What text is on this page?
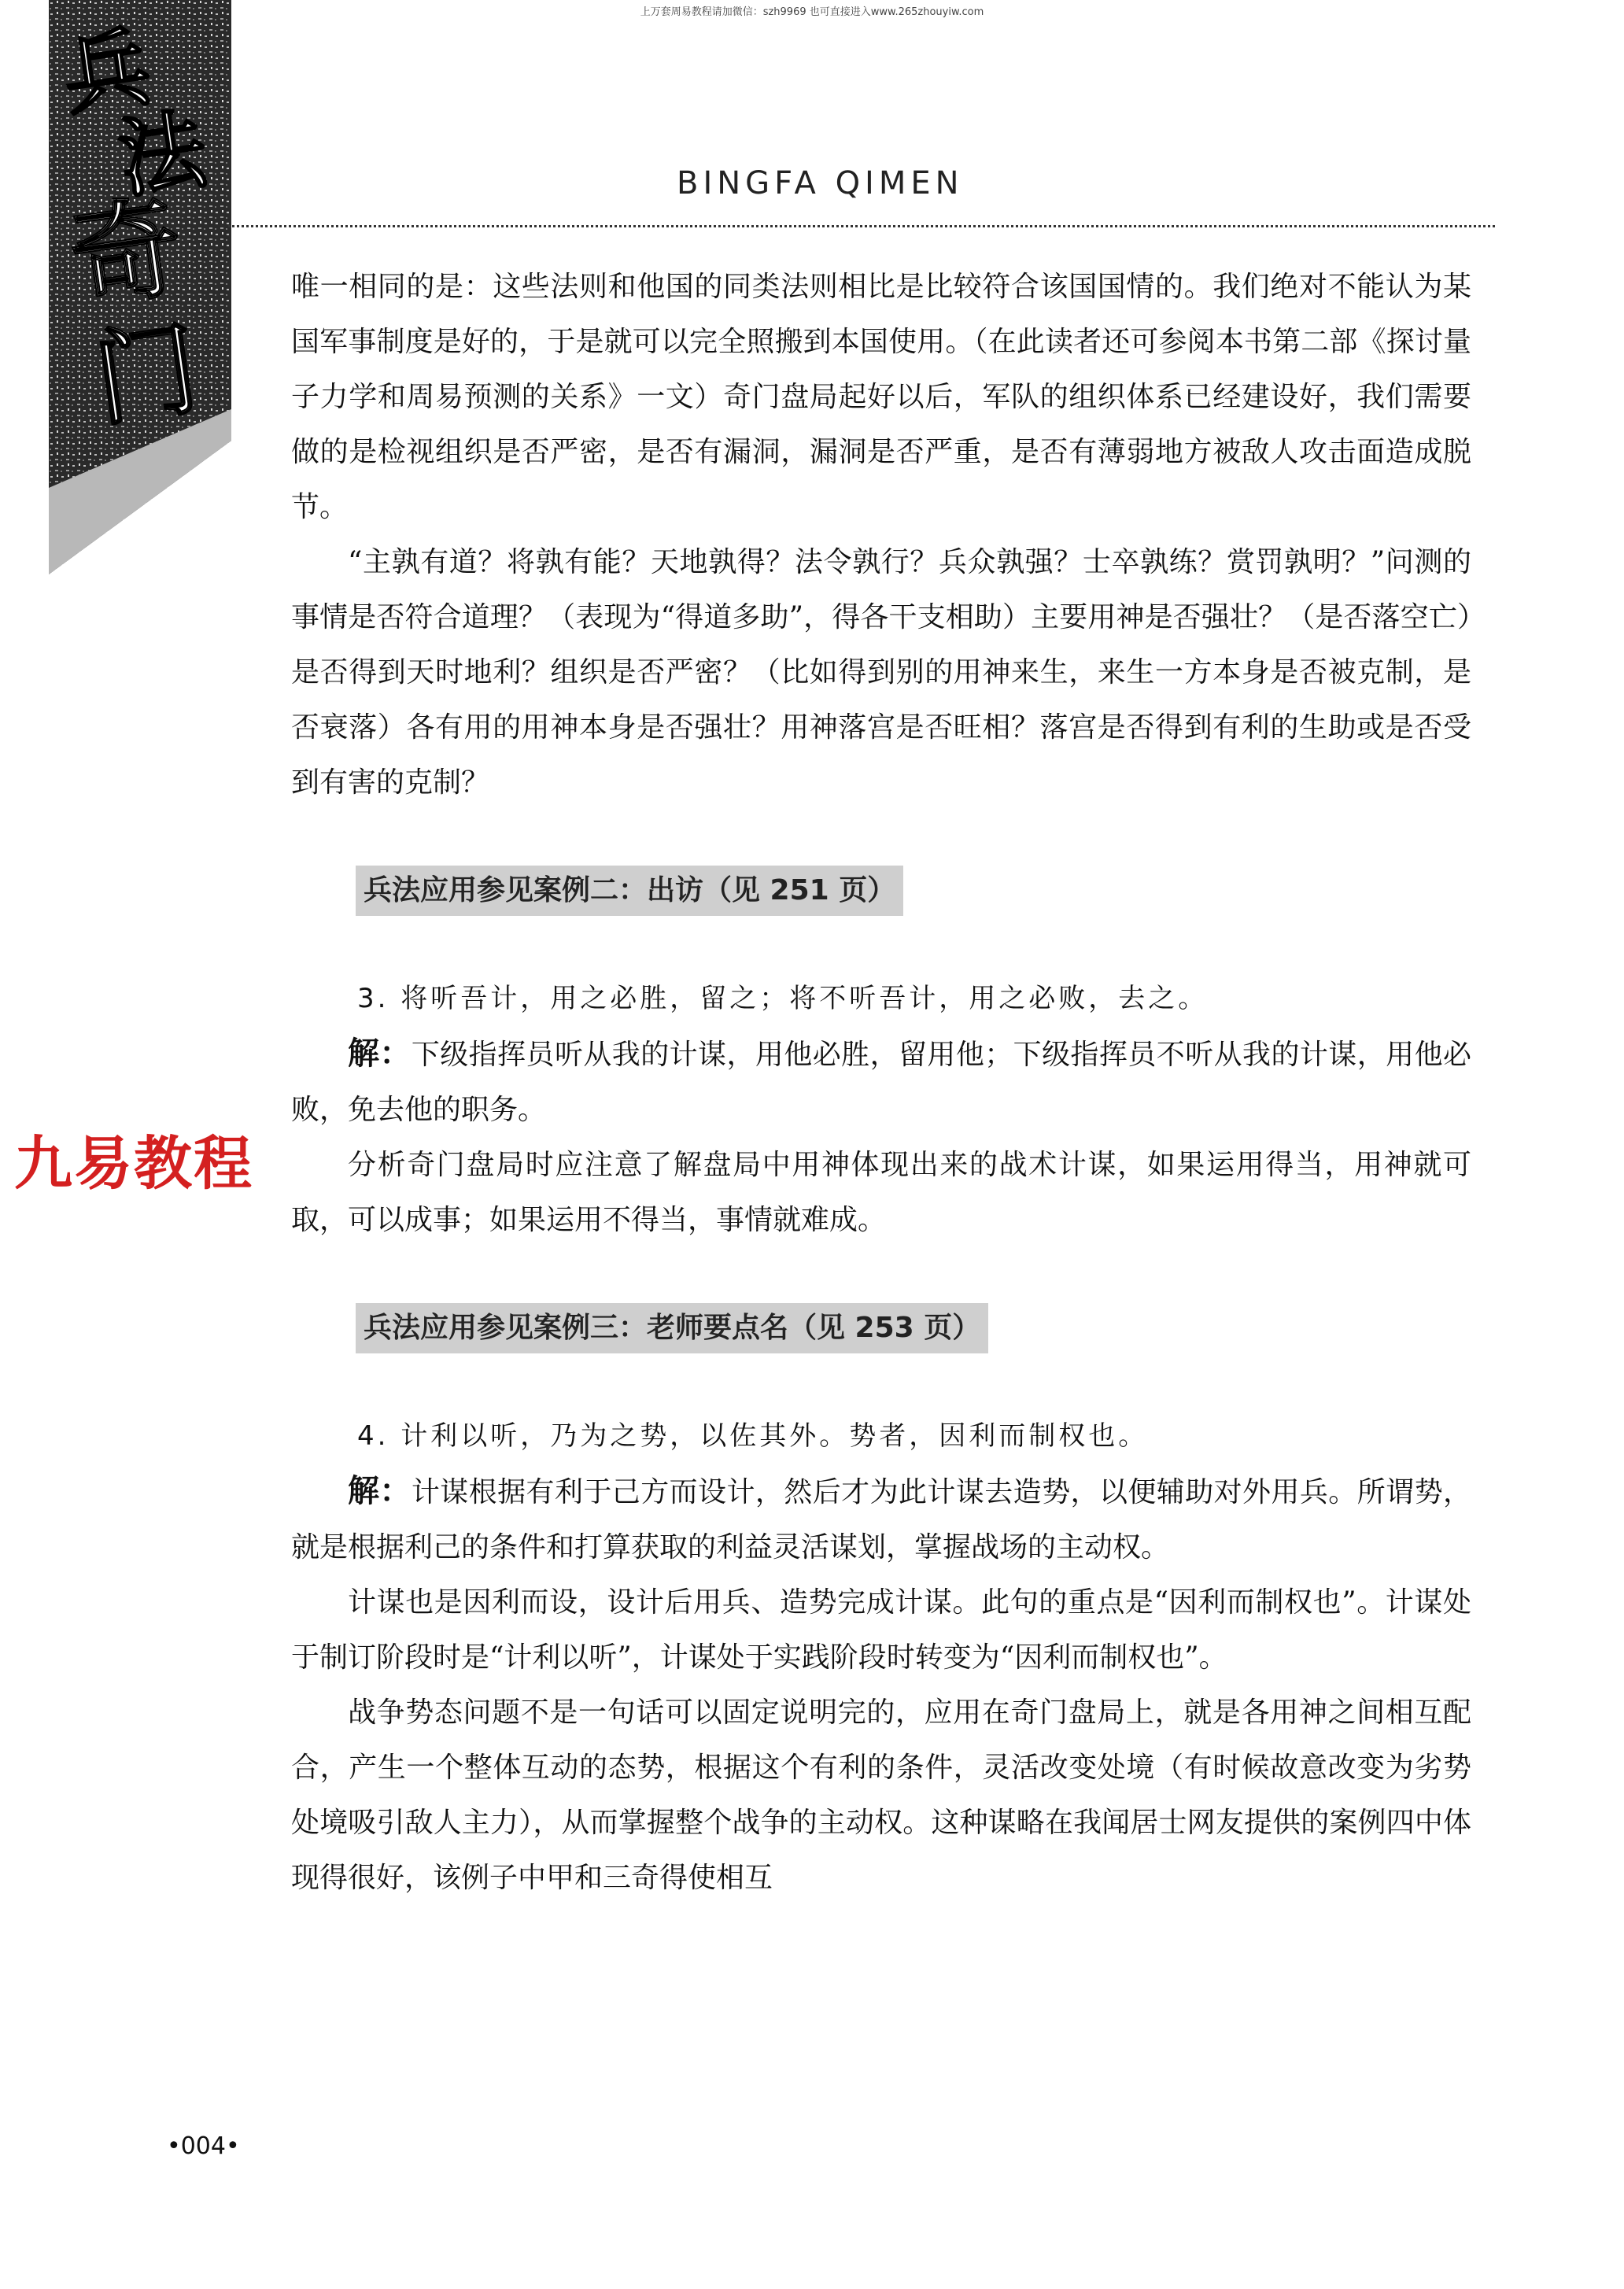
上万套周易教程请加微信：szh9969 也可直接进入www.265zhouyiw.com
兵
法
奇
门
BINGFA QIMEN

唯一相同的是：这些法则和他国的同类法则相比是比较符合该国国情的。我们绝对不能认为某国军事制度是好的，于是就可以完全照搬到本国使用。（在此读者还可参阅本书第二部《探讨量子力学和周易预测的关系》一文）奇门盘局起好以后，军队的组织体系已经建设好，我们需要做的是检视组织是否严密，是否有漏洞，漏洞是否严重，是否有薄弱地方被敌人攻击面造成脱节。

“主孰有道？将孰有能？天地孰得？法令孰行？兵众孰强？士卒孰练？赏罚孰明？”问测的事情是否符合道理？（表现为“得道多助”，得各干支相助）主要用神是否强壮？（是否落空亡）是否得到天时地利？组织是否严密？（比如得到别的用神来生，来生一方本身是否被克制，是否衰落）各有用的用神本身是否强壮？用神落宫是否旺相？落宫是否得到有利的生助或是否受到有害的克制？

兵法应用参见案例二：出访（见 251 页）

3. 将听吾计，用之必胜，留之；将不听吾计，用之必败，去之。

解：下级指挥员听从我的计谋，用他必胜，留用他；下级指挥员不听从我的计谋，用他必败，免去他的职务。

分析奇门盘局时应注意了解盘局中用神体现出来的战术计谋，如果运用得当，用神就可取，可以成事；如果运用不得当，事情就难成。

兵法应用参见案例三：老师要点名（见 253 页）

4. 计利以听，乃为之势，以佐其外。势者，因利而制权也。

解：计谋根据有利于己方而设计，然后才为此计谋去造势，以便辅助对外用兵。所谓势，就是根据利己的条件和打算获取的利益灵活谋划，掌握战场的主动权。

计谋也是因利而设，设计后用兵、造势完成计谋。此句的重点是“因利而制权也”。计谋处于制订阶段时是“计利以听”，计谋处于实践阶段时转变为“因利而制权也”。

战争势态问题不是一句话可以固定说明完的，应用在奇门盘局上，就是各用神之间相互配合，产生一个整体互动的态势，根据这个有利的条件，灵活改变处境（有时候故意改变为劣势处境吸引敌人主力），从而掌握整个战争的主动权。这种谋略在我闻居士网友提供的案例四中体现得很好，该例子中甲和三奇得使相互

九易教程
•004•
